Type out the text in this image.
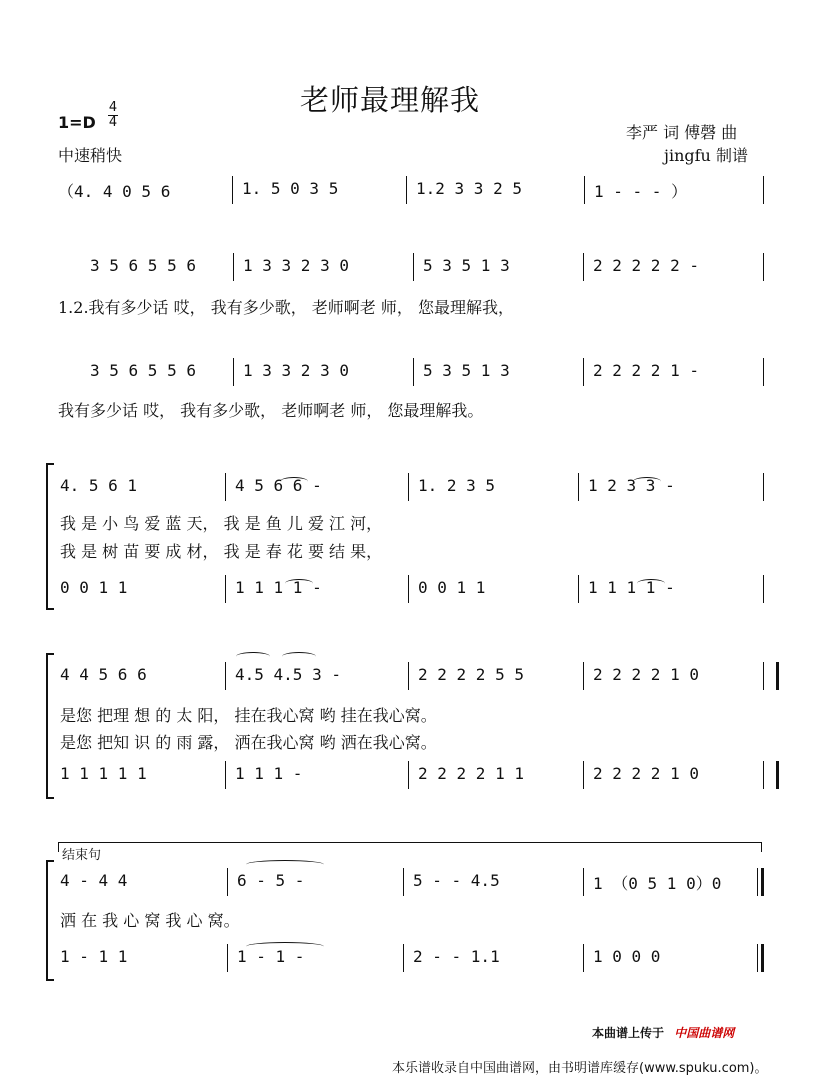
老师最理解我
1=D
4
4
中速稍快
李严 词 傅磬 曲
jingfu 制谱
（4. 4 0 5 6	1. 5 0 3 5	1.2 3 3 2 5	1 - - - ）
3 5 6 5 5 6	1 3 3 2 3 0	5 3 5 1 3	2 2 2 2 2 -
1.2.我有多少话 哎， 我有多少歌， 老师啊老 师， 您最理解我，
3 5 6 5 5 6	1 3 3 2 3 0	5 3 5 1 3	2 2 2 2 1 -
我有多少话 哎， 我有多少歌， 老师啊老 师， 您最理解我。
4. 5 6 1	4 5 6 6 -	1. 2 3 5	1 2 3 3 -
0 0 1 1	1 1 1 1 -	0 0 1 1	1 1 1 1 -
我 是 小 鸟 爱 蓝 天， 我 是 鱼 儿 爱 江 河，
我 是 树 苗 要 成 材， 我 是 春 花 要 结 果，
4 4 5 6 6	4.5 4.5 3 -	2 2 2 2 5 5	2 2 2 2 1 0
1 1 1 1 1	1 1 1 -	2 2 2 2 1 1	2 2 2 2 1 0
是您 把理 想 的 太 阳， 挂在我心窝 哟 挂在我心窝。
是您 把知 识 的 雨 露， 洒在我心窝 哟 洒在我心窝。
4 - 4 4	6 - 5 -	5 - - 4.5	1 （0 5 1 0）0
1 - 1 1	1 - 1 -	2 - - 1.1	1 0 0 0
洒 在 我 心 窝 我 心 窝。
结束句
本曲谱上传于 中国曲谱网
本乐谱收录自中国曲谱网，由书明谱库缓存(www.spuku.com)。
